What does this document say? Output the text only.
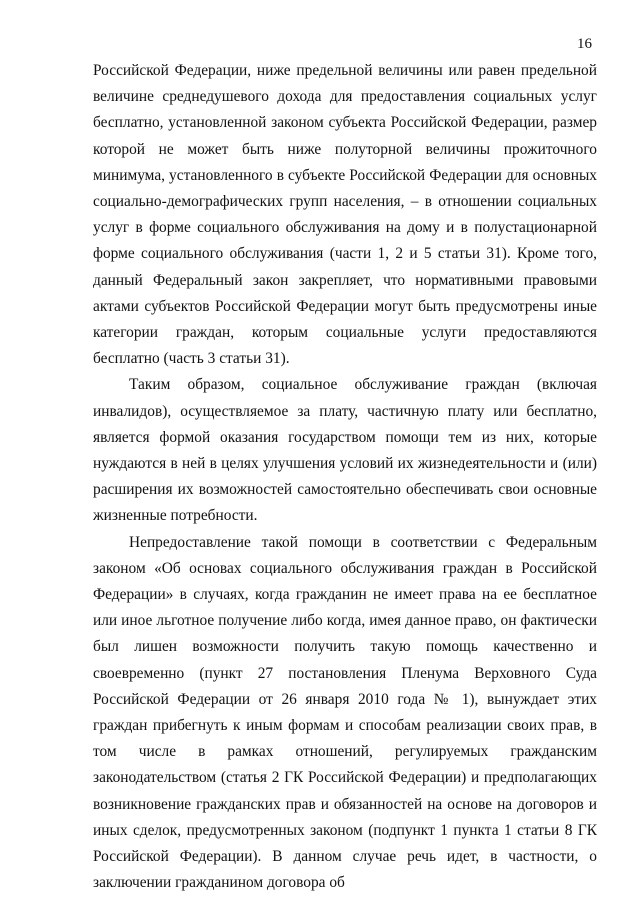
16

Российской Федерации, ниже предельной величины или равен предельной величине среднедушевого дохода для предоставления социальных услуг бесплатно, установленной законом субъекта Российской Федерации, размер которой не может быть ниже полуторной величины прожиточного минимума, установленного в субъекте Российской Федерации для основных социально-демографических групп населения, – в отношении социальных услуг в форме социального обслуживания на дому и в полустационарной форме социального обслуживания (части 1, 2 и 5 статьи 31). Кроме того, данный Федеральный закон закрепляет, что нормативными правовыми актами субъектов Российской Федерации могут быть предусмотрены иные категории граждан, которым социальные услуги предоставляются бесплатно (часть 3 статьи 31).

Таким образом, социальное обслуживание граждан (включая инвалидов), осуществляемое за плату, частичную плату или бесплатно, является формой оказания государством помощи тем из них, которые нуждаются в ней в целях улучшения условий их жизнедеятельности и (или) расширения их возможностей самостоятельно обеспечивать свои основные жизненные потребности.

Непредоставление такой помощи в соответствии с Федеральным законом «Об основах социального обслуживания граждан в Российской Федерации» в случаях, когда гражданин не имеет права на ее бесплатное или иное льготное получение либо когда, имея данное право, он фактически был лишен возможности получить такую помощь качественно и своевременно (пункт 27 постановления Пленума Верховного Суда Российской Федерации от 26 января 2010 года № 1), вынуждает этих граждан прибегнуть к иным формам и способам реализации своих прав, в том числе в рамках отношений, регулируемых гражданским законодательством (статья 2 ГК Российской Федерации) и предполагающих возникновение гражданских прав и обязанностей на основе на договоров и иных сделок, предусмотренных законом (подпункт 1 пункта 1 статьи 8 ГК Российской Федерации). В данном случае речь идет, в частности, о заключении гражданином договора об
